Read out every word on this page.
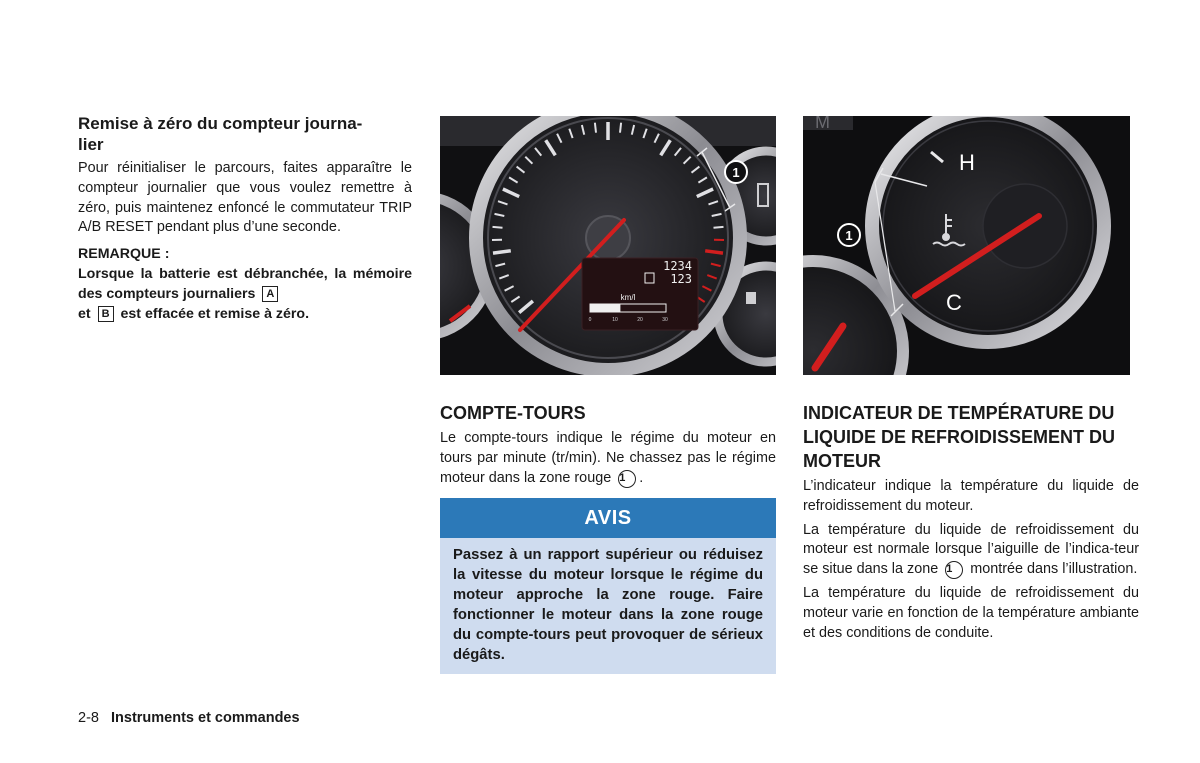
Remise à zéro du compteur journa-
lier

Pour réinitialiser le parcours, faites apparaître le compteur journalier que vous voulez remettre à zéro, puis maintenez enfoncé le commutateur TRIP A/B RESET pendant plus d’une seconde.

REMARQUE :

Lorsque la batterie est débranchée, la mémoire des compteurs journaliers A
et B est effacée et remise à zéro.

1234
123
km/l
0	10	20	30
1
COMPTE-TOURS

Le compte-tours indique le régime du moteur en tours par minute (tr/min). Ne chassez pas le régime moteur dans la zone rouge 1 .

AVIS
Passez à un rapport supérieur ou réduisez la vitesse du moteur lorsque le régime du moteur approche la zone rouge. Faire fonctionner le moteur dans la zone rouge du compte-tours peut provoquer de sérieux dégâts.
M
H
C
1
INDICATEUR DE TEMPÉRATURE DU LIQUIDE DE REFROIDISSEMENT DU MOTEUR

L’indicateur indique la température du liquide de refroidissement du moteur.

La température du liquide de refroidissement du moteur est normale lorsque l’aiguille de l’indica-teur se situe dans la zone 1 montrée dans l’illustration.

La température du liquide de refroidissement du moteur varie en fonction de la température ambiante et des conditions de conduite.

2-8 Instruments et commandes
